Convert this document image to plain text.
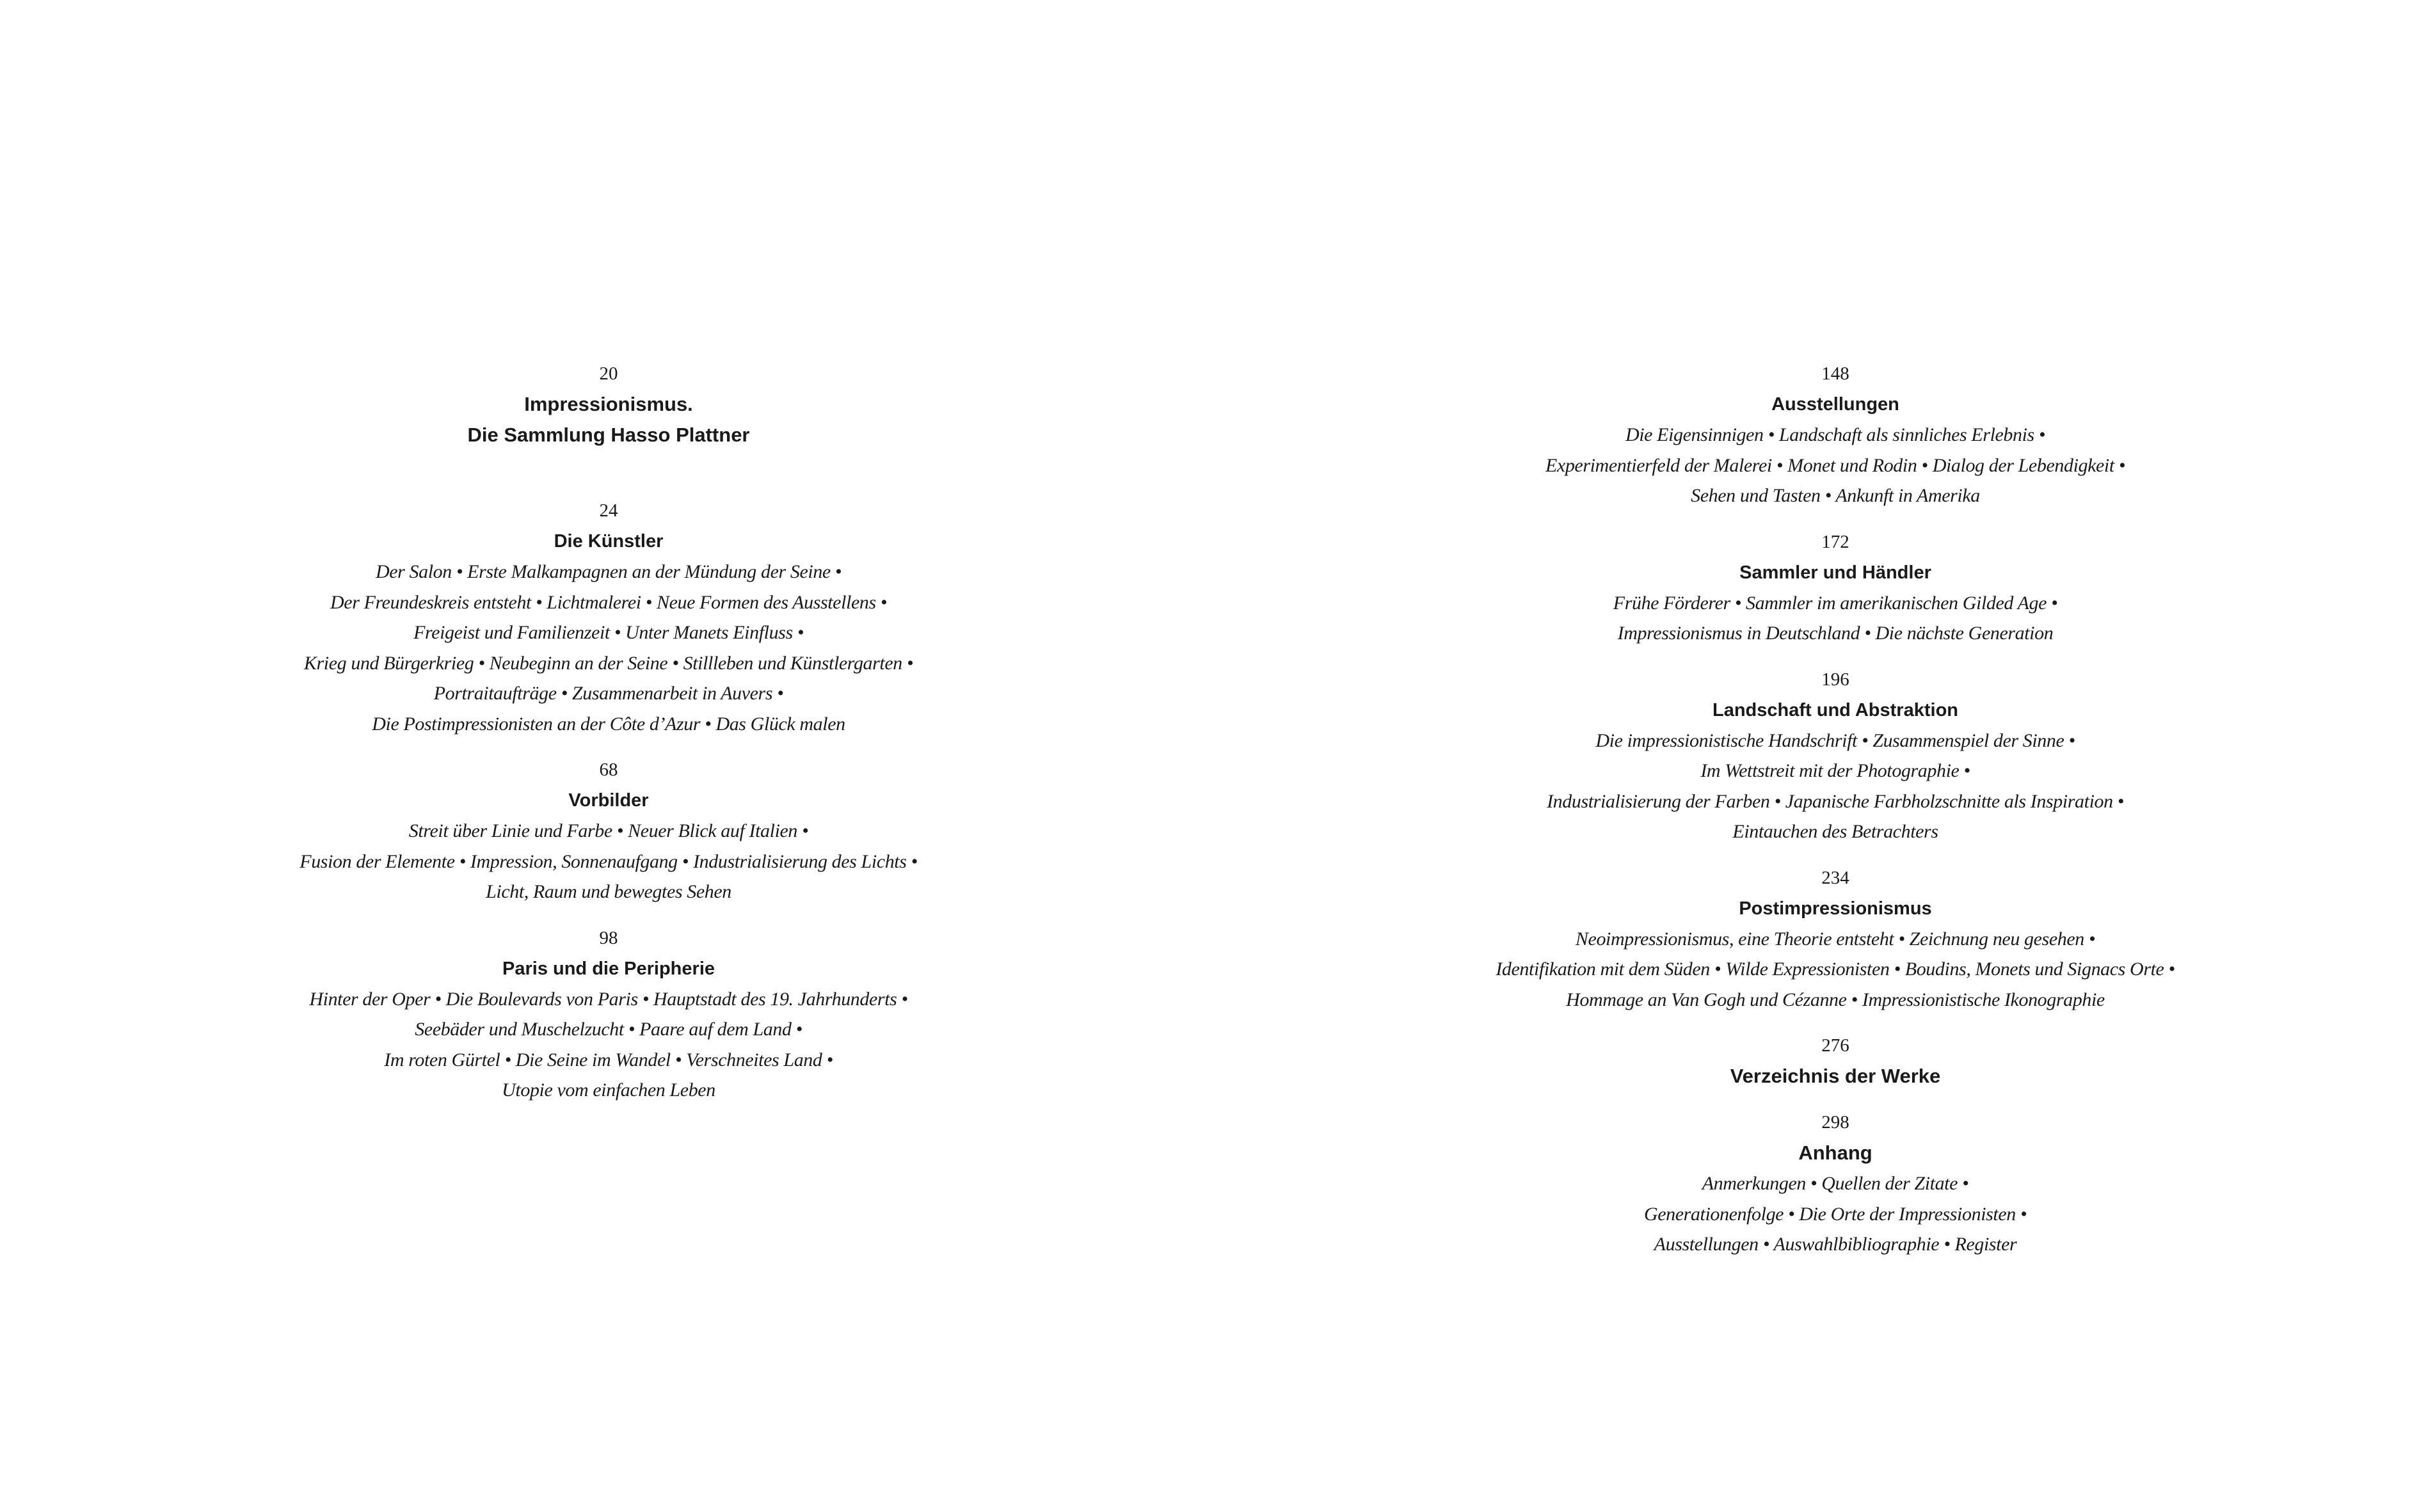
20
Impressionismus.
Die Sammlung Hasso Plattner
24
Die Künstler
Der Salon • Erste Malkampagnen an der Mündung der Seine •
Der Freundeskreis entsteht • Lichtmalerei • Neue Formen des Ausstellens •
Freigeist und Familienzeit • Unter Manets Einfluss •
Krieg und Bürgerkrieg • Neubeginn an der Seine • Stillleben und Künstlergarten •
Portraitaufträge • Zusammenarbeit in Auvers •
Die Postimpressionisten an der Côte d’Azur • Das Glück malen
68
Vorbilder
Streit über Linie und Farbe • Neuer Blick auf Italien •
Fusion der Elemente • Impression, Sonnenaufgang • Industrialisierung des Lichts •
Licht, Raum und bewegtes Sehen
98
Paris und die Peripherie
Hinter der Oper • Die Boulevards von Paris • Hauptstadt des 19. Jahrhunderts •
Seebäder und Muschelzucht • Paare auf dem Land •
Im roten Gürtel • Die Seine im Wandel • Verschneites Land •
Utopie vom einfachen Leben
148
Ausstellungen
Die Eigensinnigen • Landschaft als sinnliches Erlebnis •
Experimentierfeld der Malerei • Monet und Rodin • Dialog der Lebendigkeit •
Sehen und Tasten • Ankunft in Amerika
172
Sammler und Händler
Frühe Förderer • Sammler im amerikanischen Gilded Age •
Impressionismus in Deutschland • Die nächste Generation
196
Landschaft und Abstraktion
Die impressionistische Handschrift • Zusammenspiel der Sinne •
Im Wettstreit mit der Photographie •
Industrialisierung der Farben • Japanische Farbholzschnitte als Inspiration •
Eintauchen des Betrachters
234
Postimpressionismus
Neoimpressionismus, eine Theorie entsteht • Zeichnung neu gesehen •
Identifikation mit dem Süden • Wilde Expressionisten • Boudins, Monets und Signacs Orte •
Hommage an Van Gogh und Cézanne • Impressionistische Ikonographie
276
Verzeichnis der Werke
298
Anhang
Anmerkungen • Quellen der Zitate •
Generationenfolge • Die Orte der Impressionisten •
Ausstellungen • Auswahlbibliographie • Register
